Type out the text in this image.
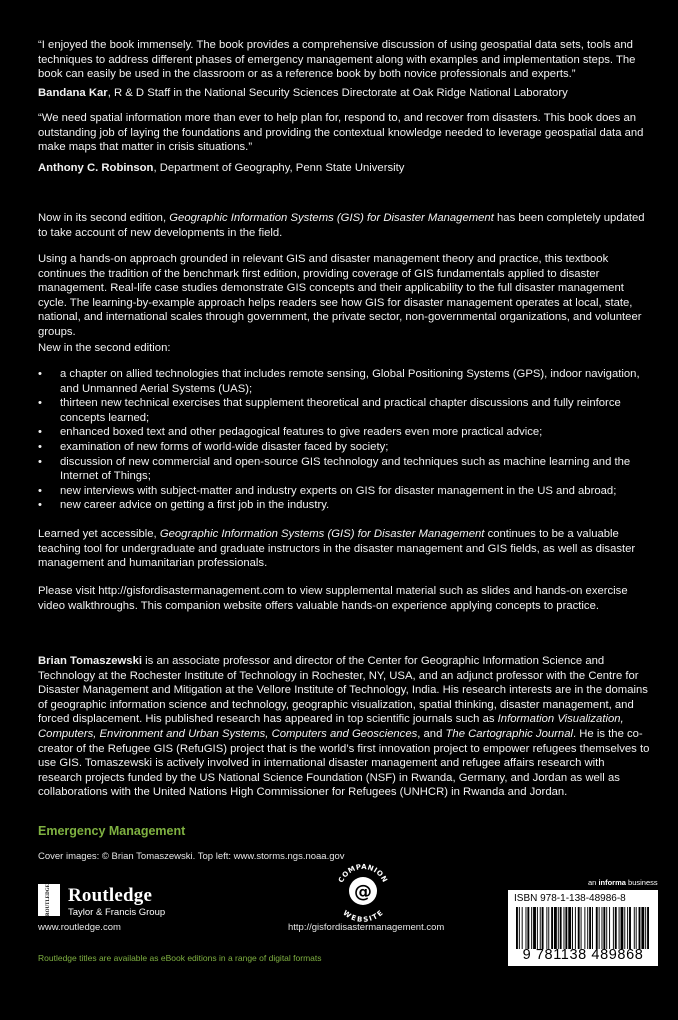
“I enjoyed the book immensely. The book provides a comprehensive discussion of using geospatial data sets, tools and techniques to address different phases of emergency management along with examples and implementation steps. The book can easily be used in the classroom or as a reference book by both novice professionals and experts.”

Bandana Kar, R & D Staff in the National Security Sciences Directorate at Oak Ridge National Laboratory

“We need spatial information more than ever to help plan for, respond to, and recover from disasters. This book does an outstanding job of laying the foundations and providing the contextual knowledge needed to leverage geospatial data and make maps that matter in crisis situations.”

Anthony C. Robinson, Department of Geography, Penn State University

Now in its second edition, Geographic Information Systems (GIS) for Disaster Management has been completely updated to take account of new developments in the field.

Using a hands-on approach grounded in relevant GIS and disaster management theory and practice, this textbook continues the tradition of the benchmark first edition, providing coverage of GIS fundamentals applied to disaster management. Real-life case studies demonstrate GIS concepts and their applicability to the full disaster management cycle. The learning-by-example approach helps readers see how GIS for disaster management operates at local, state, national, and international scales through government, the private sector, non-governmental organizations, and volunteer groups.

New in the second edition:

• a chapter on allied technologies that includes remote sensing, Global Positioning Systems (GPS), indoor navigation, and Unmanned Aerial Systems (UAS);
• thirteen new technical exercises that supplement theoretical and practical chapter discussions and fully reinforce concepts learned;
• enhanced boxed text and other pedagogical features to give readers even more practical advice;
• examination of new forms of world-wide disaster faced by society;
• discussion of new commercial and open-source GIS technology and techniques such as machine learning and the Internet of Things;
• new interviews with subject-matter and industry experts on GIS for disaster management in the US and abroad;
• new career advice on getting a first job in the industry.

Learned yet accessible, Geographic Information Systems (GIS) for Disaster Management continues to be a valuable teaching tool for undergraduate and graduate instructors in the disaster management and GIS fields, as well as disaster management and humanitarian professionals.

Please visit http://gisfordisastermanagement.com to view supplemental material such as slides and hands-on exercise video walkthroughs. This companion website offers valuable hands-on experience applying concepts to practice.

Brian Tomaszewski is an associate professor and director of the Center for Geographic Information Science and Technology at the Rochester Institute of Technology in Rochester, NY, USA, and an adjunct professor with the Centre for Disaster Management and Mitigation at the Vellore Institute of Technology, India. His research interests are in the domains of geographic information science and technology, geographic visualization, spatial thinking, disaster management, and forced displacement. His published research has appeared in top scientific journals such as Information Visualization, Computers, Environment and Urban Systems, Computers and Geosciences, and The Cartographic Journal. He is the co-creator of the Refugee GIS (RefuGIS) project that is the world’s first innovation project to empower refugees themselves to use GIS. Tomaszewski is actively involved in international disaster management and refugee affairs research with research projects funded by the US National Science Foundation (NSF) in Rwanda, Germany, and Jordan as well as collaborations with the United Nations High Commissioner for Refugees (UNHCR) in Rwanda and Jordan.

Emergency Management
Cover images: © Brian Tomaszewski. Top left: www.storms.ngs.noaa.gov
an informa business
ROUTLEDGE Routledge
Taylor & Francis Group
www.routledge.com
@
COMPANION
WEBSITE
http://gisfordisastermanagement.com
ISBN 978-1-138-48986-8
9 781138 489868
Routledge titles are available as eBook editions in a range of digital formats
